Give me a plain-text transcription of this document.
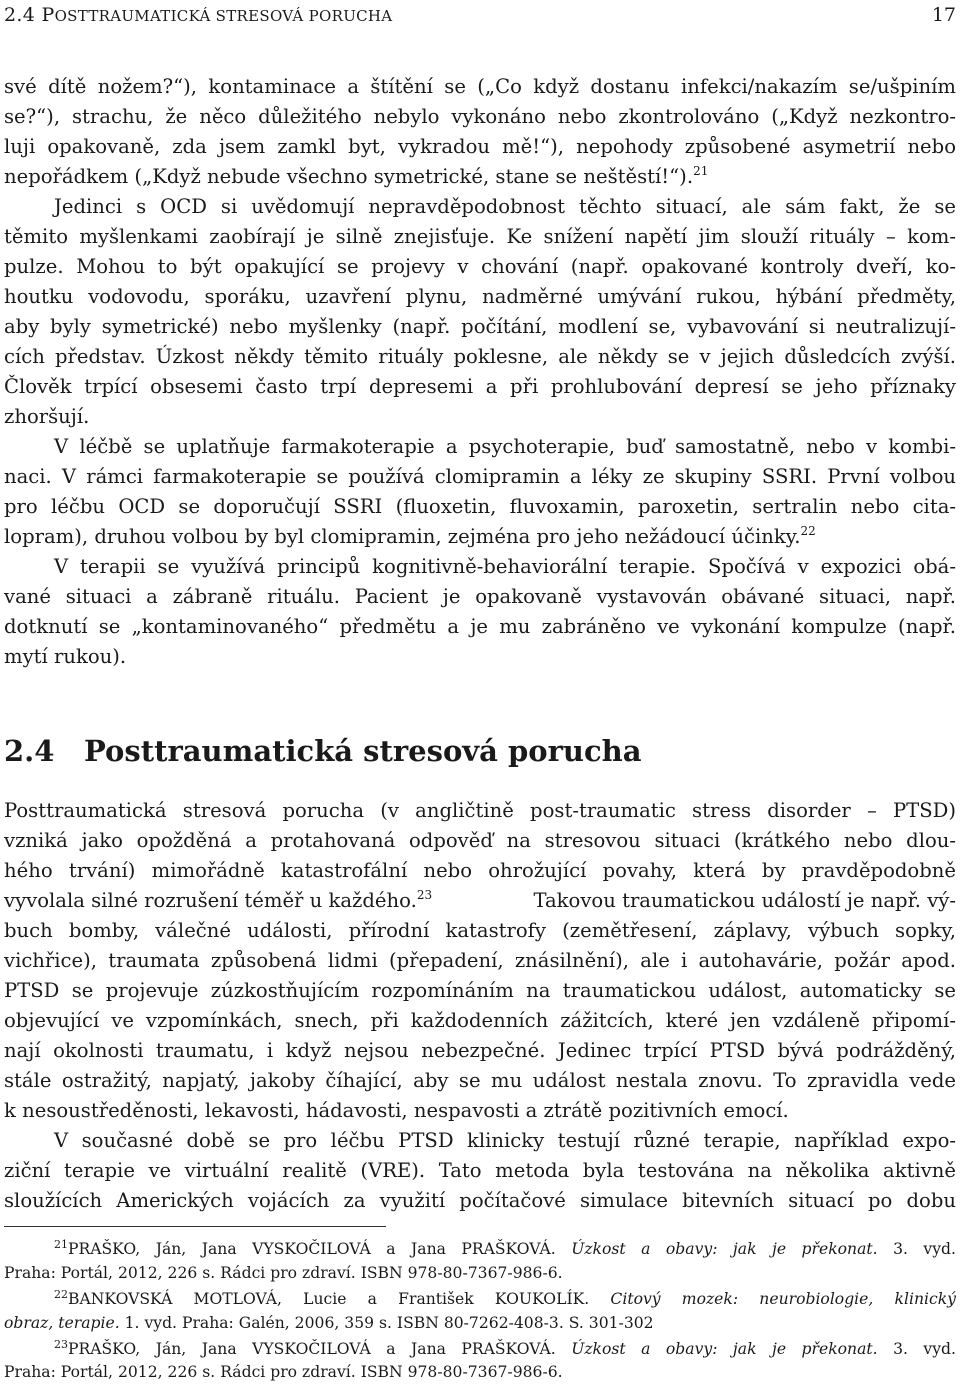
2.4 POSTTRAUMATICKÁ STRESOVÁ PORUCHA	17
své dítě nožem?“), kontaminace a štítění se („Co když dostanu infekci/nakazím se/ušpiním
se?“), strachu, že něco důležitého nebylo vykonáno nebo zkontrolováno („Když nezkontro-
luji opakovaně, zda jsem zamkl byt, vykradou mě!“), nepohody způsobené asymetrií nebo
nepořádkem („Když nebude všechno symetrické, stane se neštěstí!“).$^{21}$
Jedinci s OCD si uvědomují nepravděpodobnost těchto situací, ale sám fakt, že se
těmito myšlenkami zaobírají je silně znejisťuje. Ke snížení napětí jim slouží rituály – kom-
pulze. Mohou to být opakující se projevy v chování (např. opakované kontroly dveří, ko-
houtku vodovodu, sporáku, uzavření plynu, nadměrné umývání rukou, hýbání předměty,
aby byly symetrické) nebo myšlenky (např. počítání, modlení se, vybavování si neutralizují-
cích představ. Úzkost někdy těmito rituály poklesne, ale někdy se v jejich důsledcích zvýší.
Člověk trpící obsesemi často trpí depresemi a při prohlubování depresí se jeho příznaky
zhoršují.
V léčbě se uplatňuje farmakoterapie a psychoterapie, buď samostatně, nebo v kombi-
naci. V rámci farmakoterapie se používá clomipramin a léky ze skupiny SSRI. První volbou
pro léčbu OCD se doporučují SSRI (fluoxetin, fluvoxamin, paroxetin, sertralin nebo cita-
lopram), druhou volbou by byl clomipramin, zejména pro jeho nežádoucí účinky.$^{22}$
V terapii se využívá principů kognitivně-behaviorální terapie. Spočívá v expozici obá-
vané situaci a zábraně rituálu. Pacient je opakovaně vystavován obávané situaci, např.
dotknutí se „kontaminovaného“ předmětu a je mu zabráněno ve vykonání kompulze (např.
mytí rukou).
2.4 Posttraumatická stresová porucha
Posttraumatická stresová porucha (v angličtině post-traumatic stress disorder – PTSD)
vzniká jako opožděná a protahovaná odpověď na stresovou situaci (krátkého nebo dlou-
hého trvání) mimořádně katastrofální nebo ohrožující povahy, která by pravděpodobně
vyvolala silné rozrušení téměř u každého.$^{23}$	Takovou traumatickou událostí je např. vý-
buch bomby, válečné události, přírodní katastrofy (zemětřesení, záplavy, výbuch sopky,
vichřice), traumata způsobená lidmi (přepadení, znásilnění), ale i autohavárie, požár apod.
PTSD se projevuje zúzkostňujícím rozpomínáním na traumatickou událost, automaticky se
objevující ve vzpomínkách, snech, při každodenních zážitcích, které jen vzdáleně připomí-
nají okolnosti traumatu, i když nejsou nebezpečné. Jedinec trpící PTSD bývá podrážděný,
stále ostražitý, napjatý, jakoby číhající, aby se mu událost nestala znovu. To zpravidla vede
k nesoustředěnosti, lekavosti, hádavosti, nespavosti a ztrátě pozitivních emocí.
V současné době se pro léčbu PTSD klinicky testují různé terapie, například expo-
ziční terapie ve virtuální realitě (VRE). Tato metoda byla testována na několika aktivně
sloužících Amerických vojácích za využití počítačové simulace bitevních situací po dobu
$^{21}$PRAŠKO, Ján, Jana VYSKOČILOVÁ a Jana PRAŠKOVÁ. Úzkost a obavy: jak je překonat. 3. vyd.
Praha: Portál, 2012, 226 s. Rádci pro zdraví. ISBN 978-80-7367-986-6.
$^{22}$BANKOVSKÁ MOTLOVÁ, Lucie a František KOUKOLÍK. Citový mozek: neurobiologie, klinický
obraz, terapie. 1. vyd. Praha: Galén, 2006, 359 s. ISBN 80-7262-408-3. S. 301-302
$^{23}$PRAŠKO, Ján, Jana VYSKOČILOVÁ a Jana PRAŠKOVÁ. Úzkost a obavy: jak je překonat. 3. vyd.
Praha: Portál, 2012, 226 s. Rádci pro zdraví. ISBN 978-80-7367-986-6.
